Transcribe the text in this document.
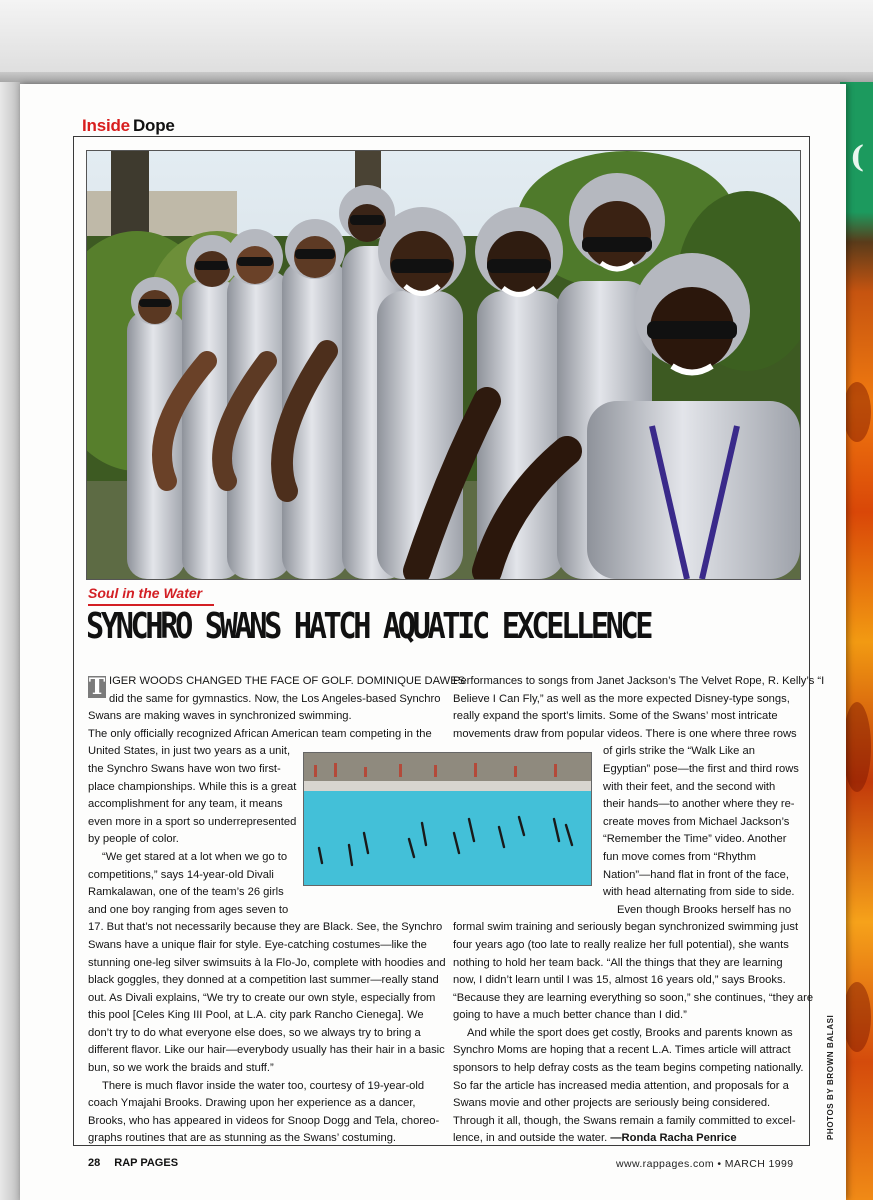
(
Inside Dope
Soul in the Water
SYNCHRO SWANS HATCH AQUATIC EXCELLENCE
T IGER WOODS CHANGED THE FACE OF GOLF. DOMINIQUE DAWES
did the same for gymnastics. Now, the Los Angeles-based Synchro
Swans are making waves in synchronized swimming.
The only officially recognized African American team competing in the
United States, in just two years as a unit,
the Synchro Swans have won two first-
place championships. While this is a great
accomplishment for any team, it means
even more in a sport so underrepresented
by people of color.
“We get stared at a lot when we go to
competitions,” says 14-year-old Divali
Ramkalawan, one of the team’s 26 girls
and one boy ranging from ages seven to
17. But that’s not necessarily because they are Black. See, the Synchro
Swans have a unique flair for style. Eye-catching costumes—like the
stunning one-leg silver swimsuits à la Flo-Jo, complete with hoodies and
black goggles, they donned at a competition last summer—really stand
out. As Divali explains, “We try to create our own style, especially from
this pool [Celes King III Pool, at L.A. city park Rancho Cienega]. We
don’t try to do what everyone else does, so we always try to bring a
different flavor. Like our hair—everybody usually has their hair in a basic
bun, so we work the braids and stuff.”
There is much flavor inside the water too, courtesy of 19-year-old
coach Ymajahi Brooks. Drawing upon her experience as a dancer,
Brooks, who has appeared in videos for Snoop Dogg and Tela, choreo-
graphs routines that are as stunning as the Swans’ costuming.
Performances to songs from Janet Jackson’s The Velvet Rope, R. Kelly’s “I
Believe I Can Fly,” as well as the more expected Disney-type songs,
really expand the sport’s limits. Some of the Swans’ most intricate
movements draw from popular videos. There is one where three rows
of girls strike the “Walk Like an
Egyptian” pose—the first and third rows
with their feet, and the second with
their hands—to another where they re-
create moves from Michael Jackson’s
“Remember the Time” video. Another
fun move comes from “Rhythm
Nation”—hand flat in front of the face,
with head alternating from side to side.
Even though Brooks herself has no
formal swim training and seriously began synchronized swimming just
four years ago (too late to really realize her full potential), she wants
nothing to hold her team back. “All the things that they are learning
now, I didn’t learn until I was 15, almost 16 years old,” says Brooks.
“Because they are learning everything so soon,” she continues, “they are
going to have a much better chance than I did.”
And while the sport does get costly, Brooks and parents known as
Synchro Moms are hoping that a recent L.A. Times article will attract
sponsors to help defray costs as the team begins competing nationally.
So far the article has increased media attention, and proposals for a
Swans movie and other projects are seriously being considered.
Through it all, though, the Swans remain a family committed to excel-
lence, in and outside the water. —Ronda Racha Penrice
28 RAP PAGES	www.rappages.com • MARCH 1999
PHOTOS BY BROWN BALASI
